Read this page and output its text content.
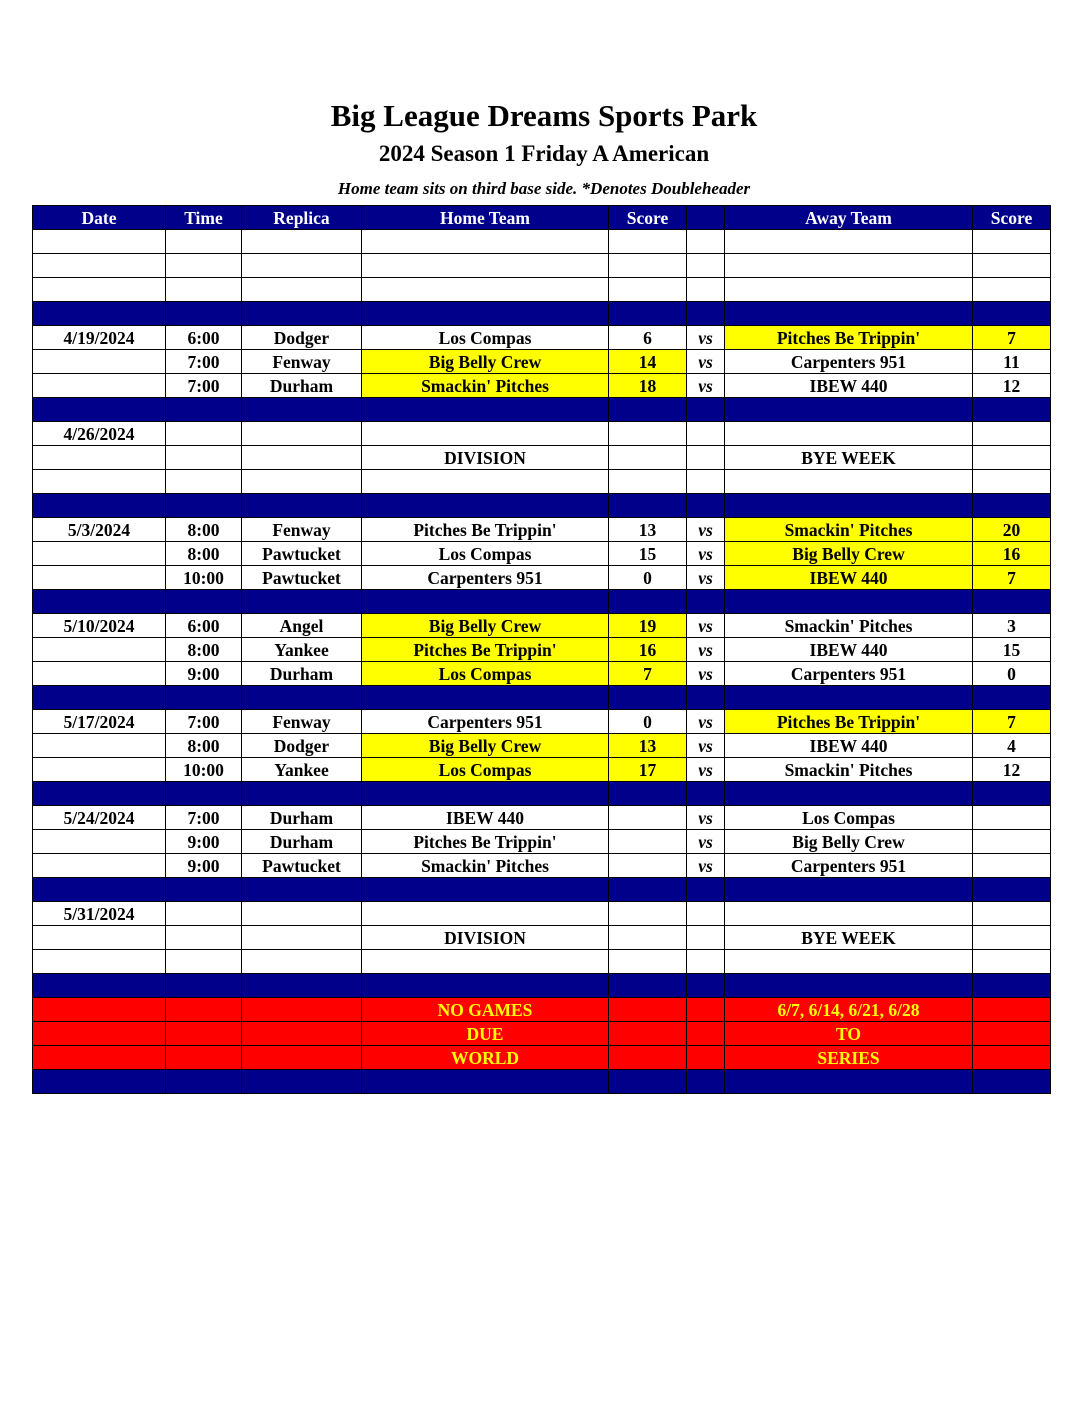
Big League Dreams Sports Park
2024 Season 1 Friday A American
Home team sits on third base side. *Denotes Doubleheader
Date	Time	Replica	Home Team	Score		Away Team	Score

4/19/2024	6:00	Dodger	Los Compas	6	vs	Pitches Be Trippin'	7
	7:00	Fenway	Big Belly Crew	14	vs	Carpenters 951	11
	7:00	Durham	Smackin' Pitches	18	vs	IBEW 440	12

4/26/2024							
			DIVISION			BYE WEEK	

5/3/2024	8:00	Fenway	Pitches Be Trippin'	13	vs	Smackin' Pitches	20
	8:00	Pawtucket	Los Compas	15	vs	Big Belly Crew	16
	10:00	Pawtucket	Carpenters 951	0	vs	IBEW 440	7

5/10/2024	6:00	Angel	Big Belly Crew	19	vs	Smackin' Pitches	3
	8:00	Yankee	Pitches Be Trippin'	16	vs	IBEW 440	15
	9:00	Durham	Los Compas	7	vs	Carpenters 951	0

5/17/2024	7:00	Fenway	Carpenters 951	0	vs	Pitches Be Trippin'	7
	8:00	Dodger	Big Belly Crew	13	vs	IBEW 440	4
	10:00	Yankee	Los Compas	17	vs	Smackin' Pitches	12

5/24/2024	7:00	Durham	IBEW 440		vs	Los Compas	
	9:00	Durham	Pitches Be Trippin'		vs	Big Belly Crew	
	9:00	Pawtucket	Smackin' Pitches		vs	Carpenters 951	

5/31/2024							
			DIVISION			BYE WEEK	

			NO GAMES			6/7, 6/14, 6/21, 6/28	
			DUE			TO	
			WORLD			SERIES	
